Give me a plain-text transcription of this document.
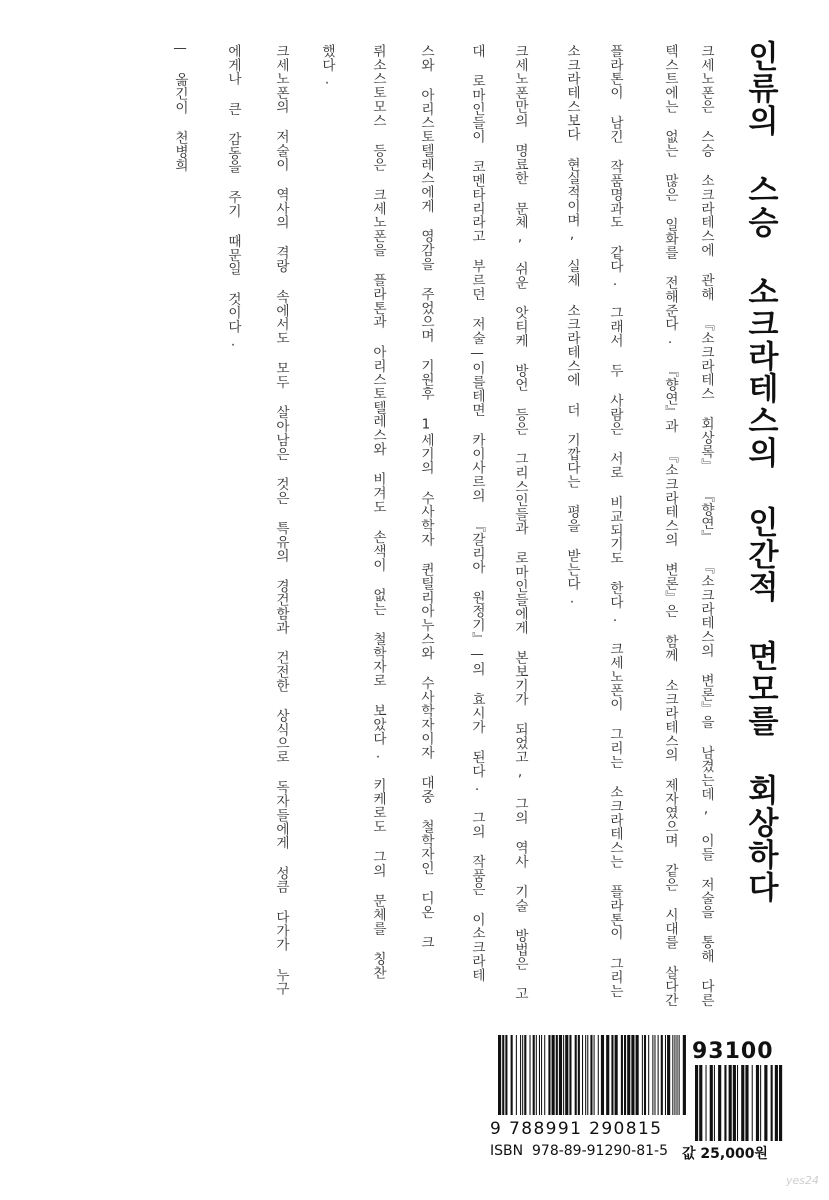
인류의 스승 소크라테스의 인간적 면모를 회상하다
크세노폰은 스승 소크라테스에 관해 『소크라테스 회상록』 『향연』 『소크라테스의 변론』을 남겼는데, 이들 저술을 통해 다른
텍스트에는 없는 많은 일화를 전해준다. 『향연』과 『소크라테스의 변론』은 함께 소크라테스의 제자였으며 같은 시대를 살다간
플라톤이 남긴 작품명과도 같다. 그래서 두 사람은 서로 비교되기도 한다. 크세노폰이 그리는 소크라테스는 플라톤이 그리는
소크라테스보다 현실적이며, 실제 소크라테스에 더 기깝다는 평을 받는다.
크세노폰만의 명료한 문체, 쉬운 앗티케 방언 등은 그리스인들과 로마인들에게 본보기가 되었고, 그의 역사 기술 방법은 고
대 로마인들이 코멘타리라고 부르던 저술—이를테면 카이사르의 『갈리아 원정기』—의 효시가 된다. 그의 작품은 이소크라테
스와 아리스토텔레스에게 영감을 주었으며 기원후 1세기의 수사학자 퀸틸리아누스와 수사학자이자 대중 철학자인 디온 크
뤼소스토모스 등은 크세노폰을 플라톤과 아리스토텔레스와 비겨도 손색이 없는 철학자로 보았다. 키케로도 그의 문체를 칭찬
했다.
크세노폰의 저술이 역사의 격랑 속에서도 모두 살아남은 것은 특유의 경건함과 건전한 상식으로 독자들에게 성큼 다가가 누구
에게나 큰 감동을 주기 때문일 것이다.
— 옮긴이 천병희
93100
9 788991 290815
ISBN 978-89-91290-81-5 값 25,000원
yes24
